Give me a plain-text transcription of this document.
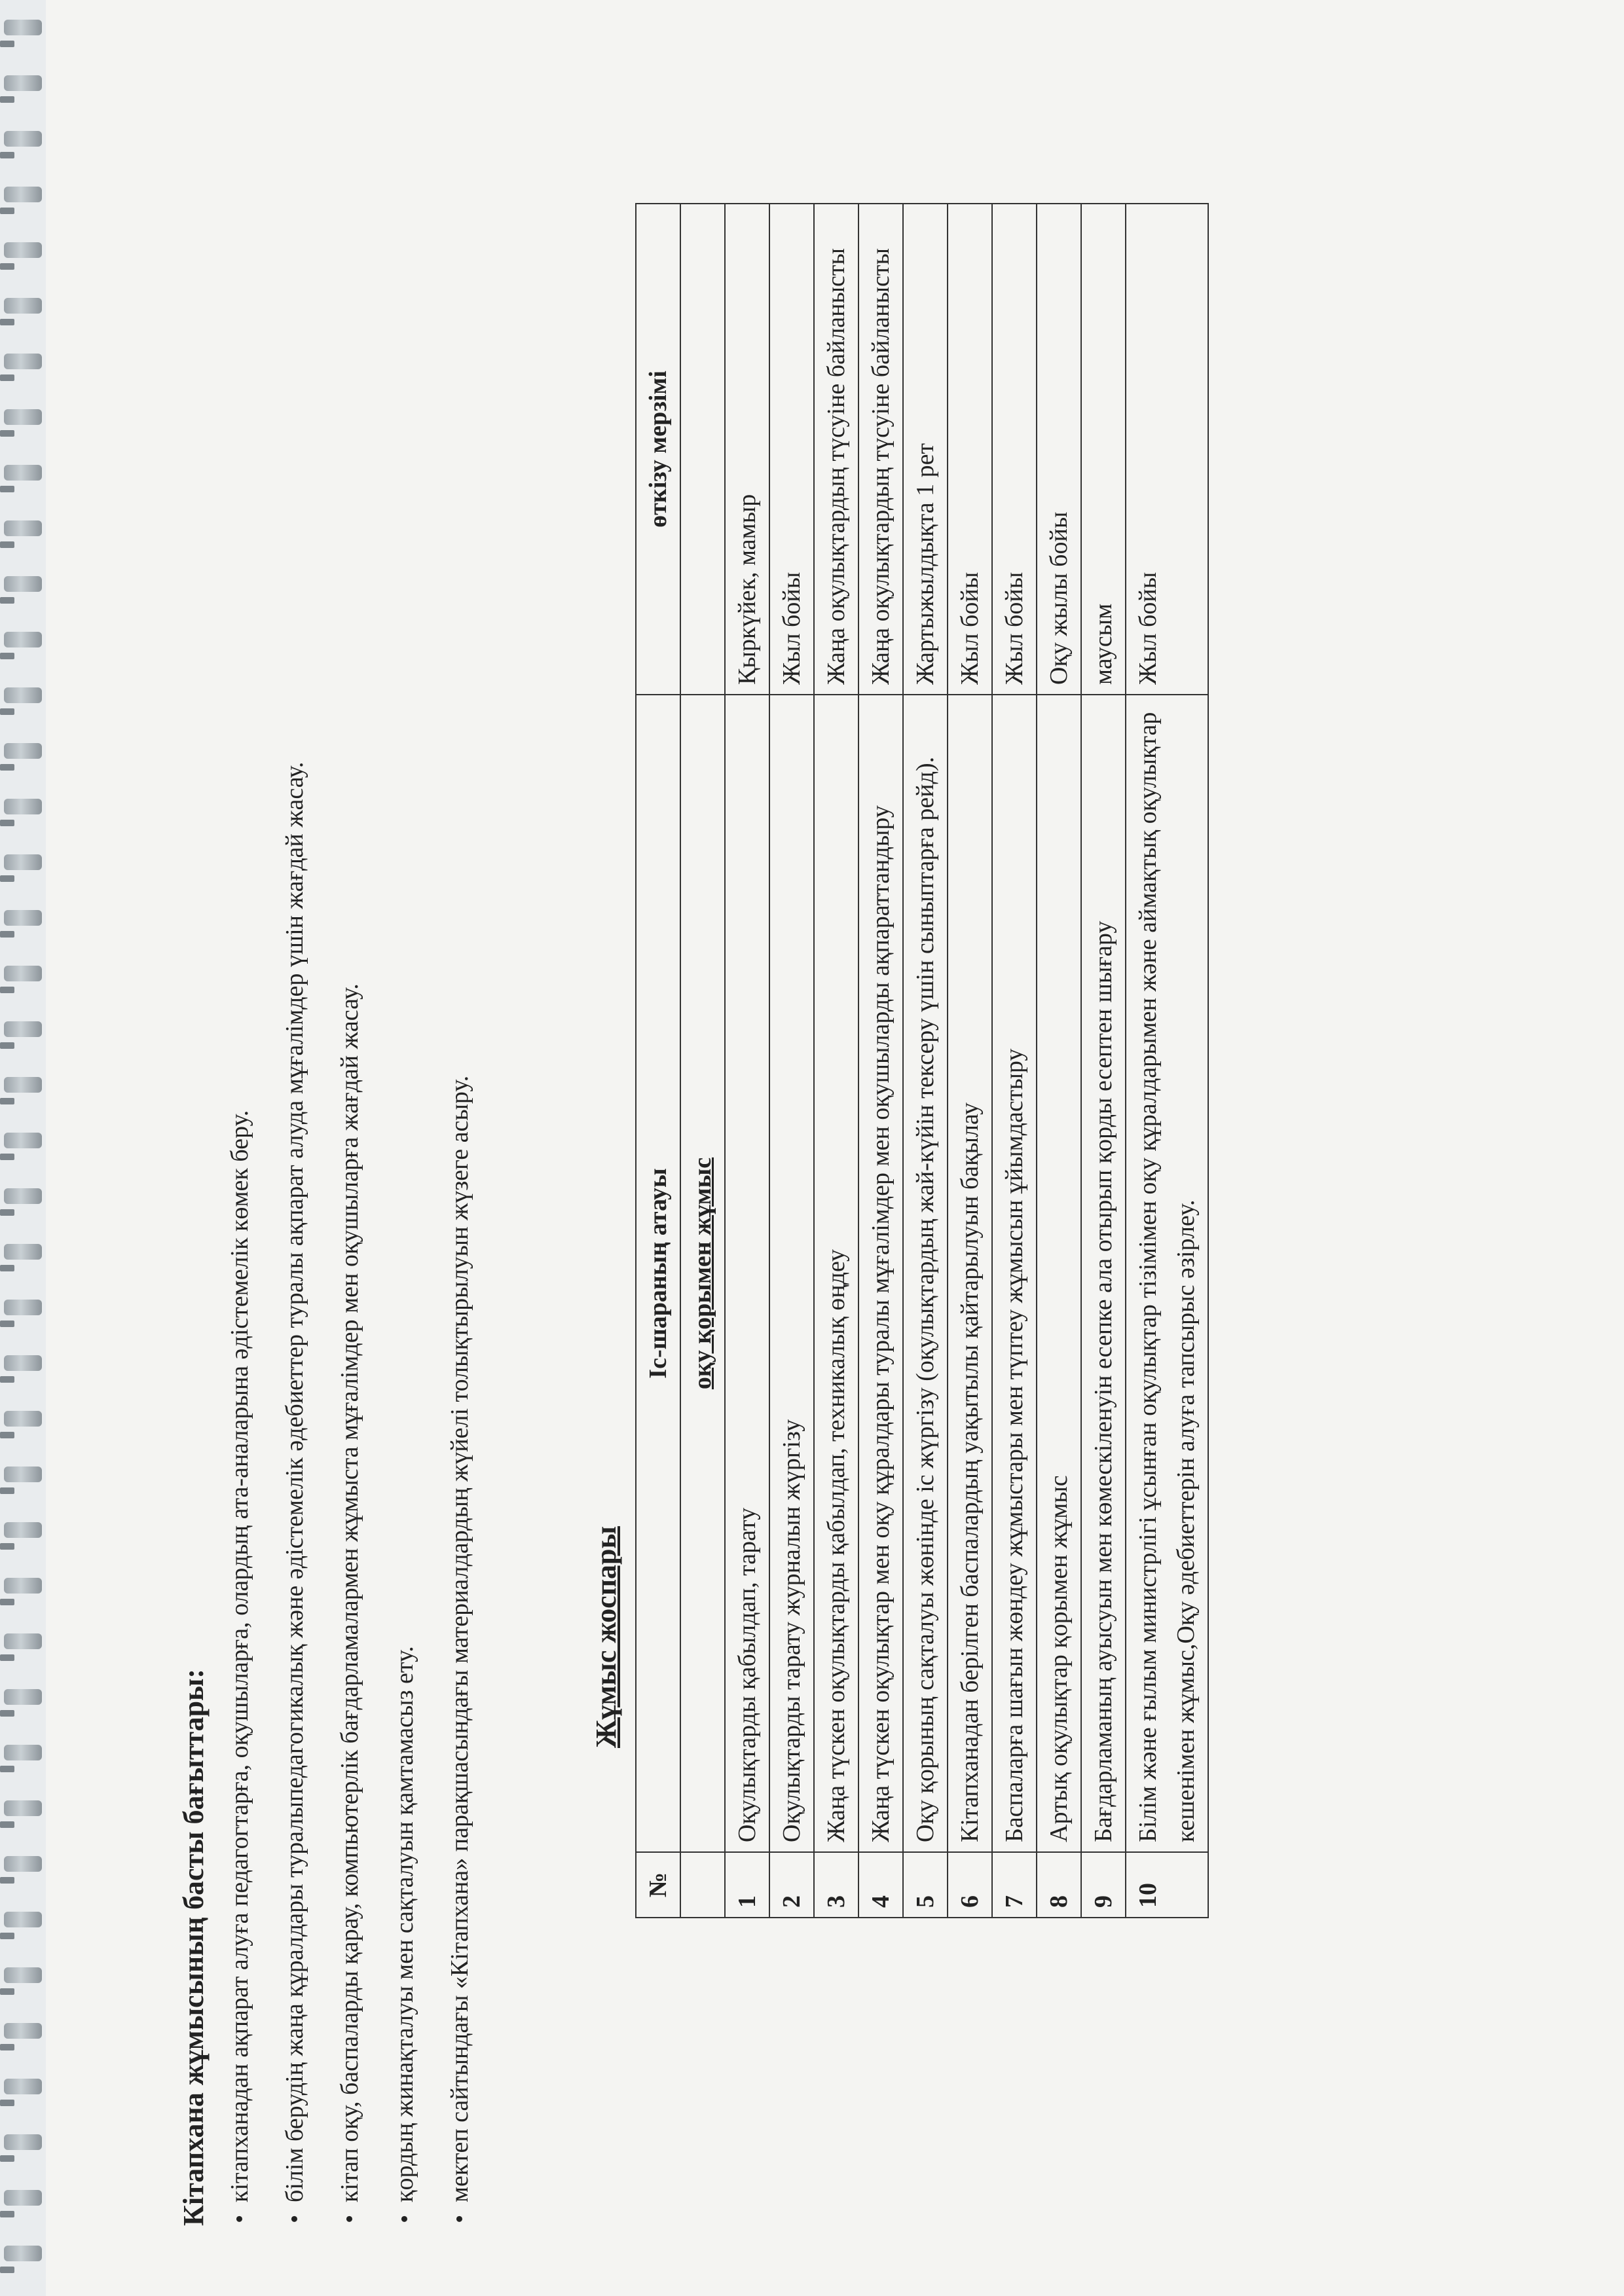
Кітапхана жұмысының басты бағыттары: • кітапханадан ақпарат алуға педагогтарға, оқушыларға, олардың ата-аналарына әдістемелік көмек беру. • білім берудің жаңа құралдары туралыпедагогикалық және әдістемелік әдебиеттер туралы ақпарат алуда мұғалімдер үшін жағдай жасау. • кітап оқу, баспаларды қарау, компьютерлік бағдарламалармен жұмыста мұғалімдер мен оқушыларға жағдай жасау. • қордың жинақталуы мен сақталуын қамтамасыз ету. • мектеп сайтындағы «Кітапхана» парақшасындағы материалдардың жүйелі толықтырылуын жүзеге асыру.	Жұмыс жоспары
№	Іс-шараның атауы	өткізу мерзімі
	оқу қорымен жұмыс	
1	Оқулықтарды қабылдап, тарату	Қыркүйек, мамыр
2	Оқулықтарды тарату журналын жүргізу	Жыл бойы
3	Жаңа түскен оқулықтарды қабылдап, техникалық өңдеу	Жаңа оқулықтардың түсуіне байланысты
4	Жаңа түскен оқулықтар мен оқу құралдары туралы мұғалімдер мен оқушыларды ақпараттандыру	Жаңа оқулықтардың түсуіне байланысты
5	Оқу қорының сақталуы жөнінде іс жүргізу (оқулықтардың жай-күйін тексеру үшін сыныптарға рейд).	Жартыжылдықта 1 рет
6	Кітапханадан берілген баспалардың уақытылы қайтарылуын бақылау	Жыл бойы
7	Баспаларға шағын жөндеу жұмыстары мен түптеу жұмысын ұйымдастыру	Жыл бойы
8	Артық оқулықтар қорымен жұмыс	Оқу жылы бойы
9	Бағдарламаның ауысуын мен көмескіленуін есепке ала отырып қорды есептен шығару	маусым
10	Білім және ғылым министрлігі ұсынған оқулықтар тізімімен оқу құралдарымен және аймақтық оқулықтар кешенімен жұмыс,Оқу әдебиеттерін алуға тапсырыс әзірлеу.	Жыл бойы
